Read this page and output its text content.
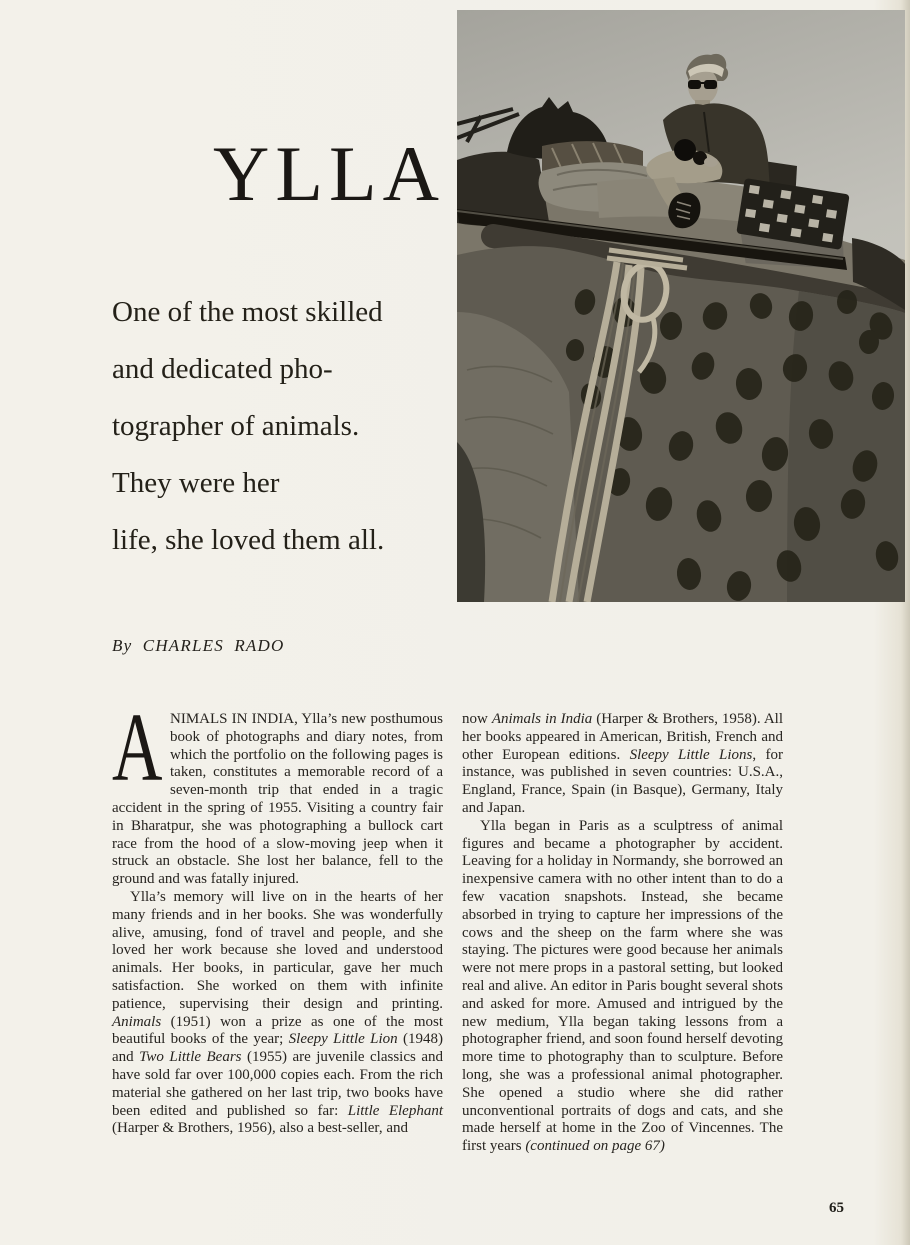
YLLA
One of the most skilled
and dedicated pho-
tographer of animals.
They were her
life, she loved them all.
By CHARLES RADO

ANIMALS IN INDIA, Ylla’s new posthumous book of photographs and diary notes, from which the portfolio on the following pages is taken, constitutes a memorable record of a seven-month trip that ended in a tragic accident in the spring of 1955. Visiting a country fair in Bharatpur, she was photographing a bullock cart race from the hood of a slow-moving jeep when it struck an obstacle. She lost her balance, fell to the ground and was fatally injured.

Ylla’s memory will live on in the hearts of her many friends and in her books. She was wonderfully alive, amusing, fond of travel and people, and she loved her work because she loved and understood animals. Her books, in particular, gave her much satisfaction. She worked on them with infinite patience, supervising their design and printing. Animals (1951) won a prize as one of the most beautiful books of the year; Sleepy Little Lion (1948) and Two Little Bears (1955) are juvenile classics and have sold far over 100,000 copies each. From the rich material she gathered on her last trip, two books have been edited and published so far: Little Elephant (Harper & Brothers, 1956), also a best-seller, and

now Animals in India (Harper & Brothers, 1958). All her books appeared in American, British, French and other European editions. Sleepy Little Lions, for instance, was published in seven countries: U.S.A., England, France, Spain (in Basque), Germany, Italy and Japan.

Ylla began in Paris as a sculptress of animal figures and became a photographer by accident. Leaving for a holiday in Normandy, she borrowed an inexpensive camera with no other intent than to do a few vacation snapshots. Instead, she became absorbed in trying to capture her impressions of the cows and the sheep on the farm where she was staying. The pictures were good because her animals were not mere props in a pastoral setting, but looked real and alive. An editor in Paris bought several shots and asked for more. Amused and intrigued by the new medium, Ylla began taking lessons from a photographer friend, and soon found herself devoting more time to photography than to sculpture. Before long, she was a professional animal photographer. She opened a studio where she did rather unconventional portraits of dogs and cats, and she made herself at home in the Zoo of Vincennes. The first years (continued on page 67)

65
